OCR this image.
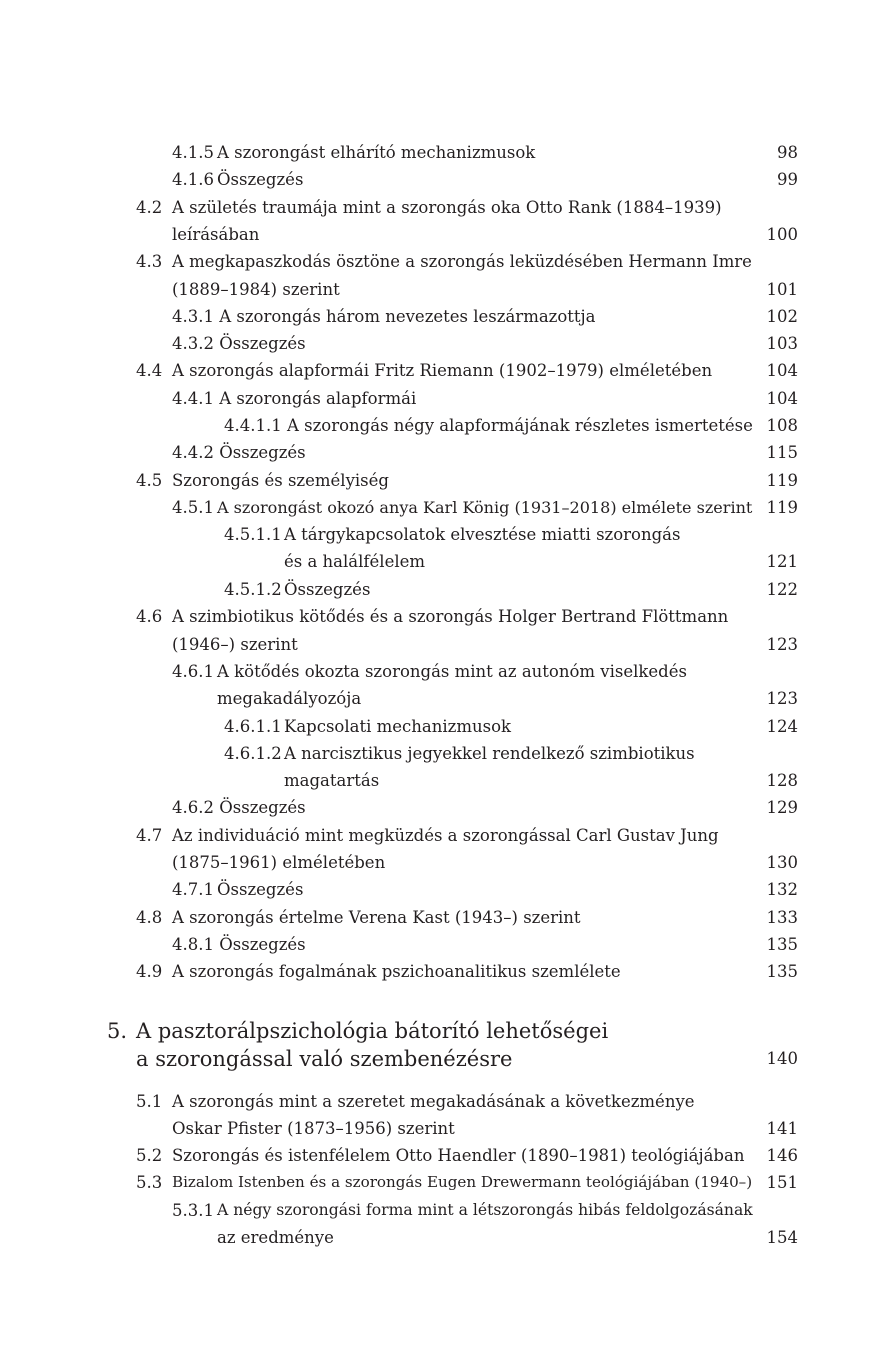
4.1.5 A szorongást elhárító mechanizmusok	98
4.1.6 Összegzés	99
4.2 A születés traumája mint a szorongás oka Otto Rank (1884–1939)
leírásában	100
4.3 A megkapaszkodás ösztöne a szorongás leküzdésében Hermann Imre
(1889–1984) szerint	101
4.3.1 A szorongás három nevezetes leszármazottja	102
4.3.2 Összegzés	103
4.4 A szorongás alapformái Fritz Riemann (1902–1979) elméletében	104
4.4.1 A szorongás alapformái	104
4.4.1.1 A szorongás négy alapformájának részletes ismertetése 108
4.4.2 Összegzés	115
4.5 Szorongás és személyiség	119
4.5.1 A szorongást okozó anya Karl König (1931–2018) elmélete szerint 119
4.5.1.1 A tárgykapcsolatok elvesztése miatti szorongás
és a halálfélelem	121
4.5.1.2 Összegzés	122
4.6 A szimbiotikus kötődés és a szorongás Holger Bertrand Flöttmann
(1946–) szerint	123
4.6.1 A kötődés okozta szorongás mint az autonóm viselkedés
megakadályozója	123
4.6.1.1 Kapcsolati mechanizmusok	124
4.6.1.2 A narcisztikus jegyekkel rendelkező szimbiotikus
magatartás	128
4.6.2 Összegzés	129
4.7 Az individuáció mint megküzdés a szorongással Carl Gustav Jung
(1875–1961) elméletében	130
4.7.1 Összegzés	132
4.8 A szorongás értelme Verena Kast (1943–) szerint	133
4.8.1 Összegzés	135
4.9 A szorongás fogalmának pszichoanalitikus szemlélete	135
5. A pasztorálpszichológia bátorító lehetőségei
a szorongással való szembenézésre	140
5.1 A szorongás mint a szeretet megakadásának a következménye
Oskar Pfister (1873–1956) szerint	141
5.2 Szorongás és istenfélelem Otto Haendler (1890–1981) teológiájában 146
5.3 Bizalom Istenben és a szorongás Eugen Drewermann teológiájában (1940–) 151
5.3.1 A négy szorongási forma mint a létszorongás hibás feldolgozásának
az eredménye	154
